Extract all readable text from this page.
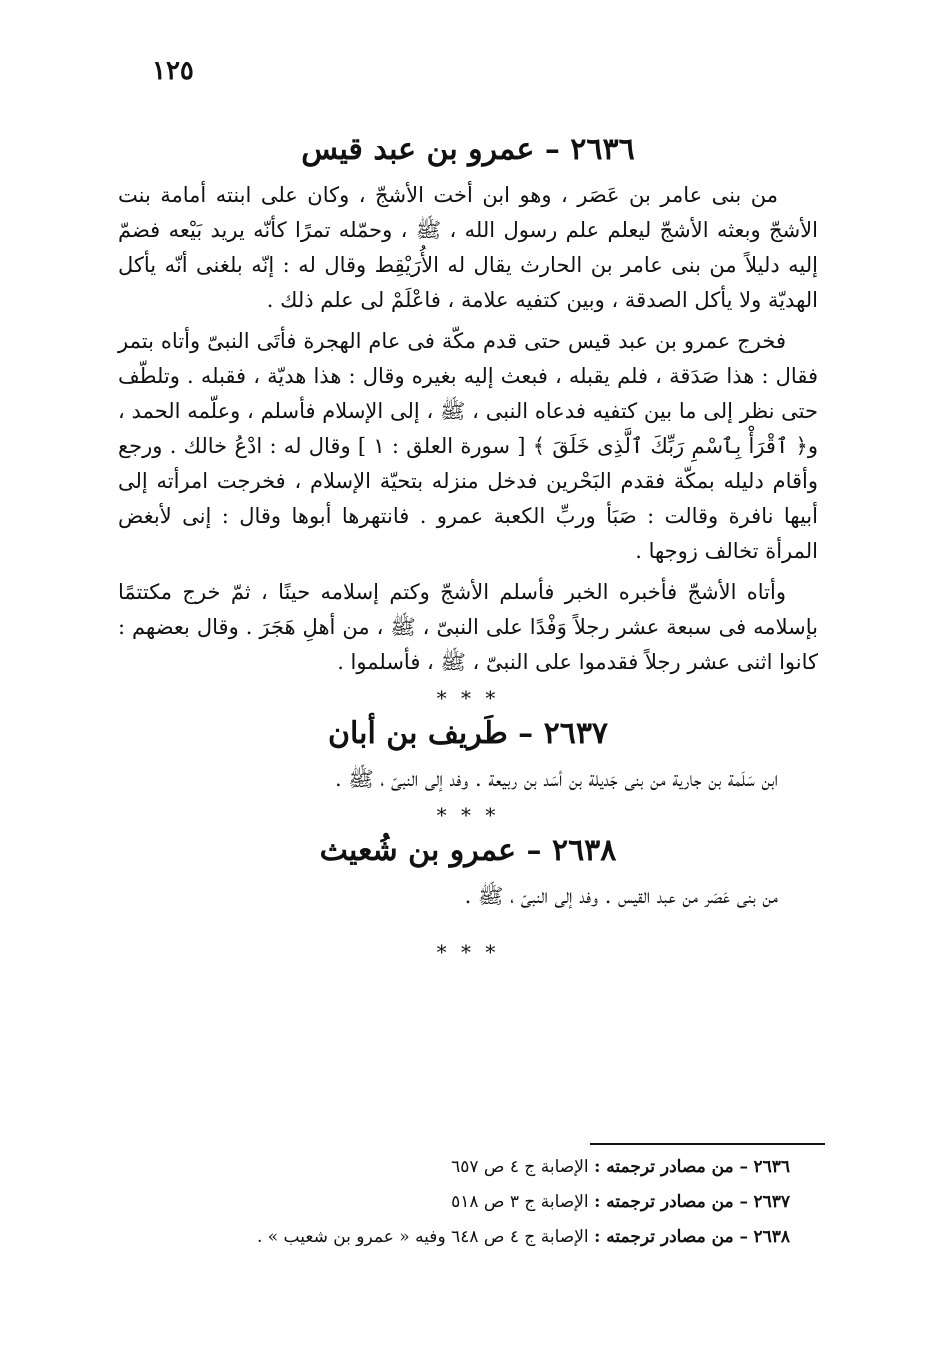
١٢٥
٢٦٣٦ – عمرو بن عبد قيس

من بنى عامر بن عَصَر ، وهو ابن أخت الأشجّ ، وكان على ابنته أمامة بنت الأشجّ وبعثه الأشجّ ليعلم علم رسول الله ، ﷺ ، وحمّله تمرًا كأنّه يريد بَيْعه فضمّ إليه دليلاً من بنى عامر بن الحارث يقال له الأُرَيْقِط وقال له : إنّه بلغنى أنّه يأكل الهديّة ولا يأكل الصدقة ، وبين كتفيه علامة ، فاعْلَمْ لى علم ذلك .

فخرج عمرو بن عبد قيس حتى قدم مكّة فى عام الهجرة فأتَى النبىّ وأتاه بتمر فقال : هذا صَدَقة ، فلم يقبله ، فبعث إليه بغيره وقال : هذا هديّة ، فقبله . وتلطّف حتى نظر إلى ما بين كتفيه فدعاه النبى ، ﷺ ، إلى الإسلام فأسلم ، وعلّمه الحمد ، و﴿ ٱقْرَأْ بِٱسْمِ رَبِّكَ ٱلَّذِى خَلَقَ ﴾ [ سورة العلق : ١ ] وقال له : ادْعُ خالك . ورجع وأقام دليله بمكّة فقدم البَحْرين فدخل منزله بتحيّة الإسلام ، فخرجت امرأته إلى أبيها نافرة وقالت : صَبَأ وربِّ الكعبة عمرو . فانتهرها أبوها وقال : إنى لأبغض المرأة تخالف زوجها .

وأتاه الأشجّ فأخبره الخبر فأسلم الأشجّ وكتم إسلامه حينًا ، ثمّ خرج مكتتمًا بإسلامه فى سبعة عشر رجلاً وَفْدًا على النبىّ ، ﷺ ، من أهلِ هَجَرَ . وقال بعضهم : كانوا اثنى عشر رجلاً فقدموا على النبىّ ، ﷺ ، فأسلموا .

* * *
٢٦٣٧ – طَريف بن أبان

ابن سَلَمة بن جارية من بنى جَديلة بن أسَد بن ربيعة . وفد إلى النبىّ ، ﷺ .

* * *
٢٦٣٨ – عمرو بن شُعيث

من بنى عَصَر من عبد القيس . وفد إلى النبىّ ، ﷺ .

* * *
٢٦٣٦ – من مصادر ترجمته : الإصابة ج ٤ ص ٦٥٧
٢٦٣٧ – من مصادر ترجمته : الإصابة ج ٣ ص ٥١٨
٢٦٣٨ – من مصادر ترجمته : الإصابة ج ٤ ص ٦٤٨ وفيه « عمرو بن شعيب » .
